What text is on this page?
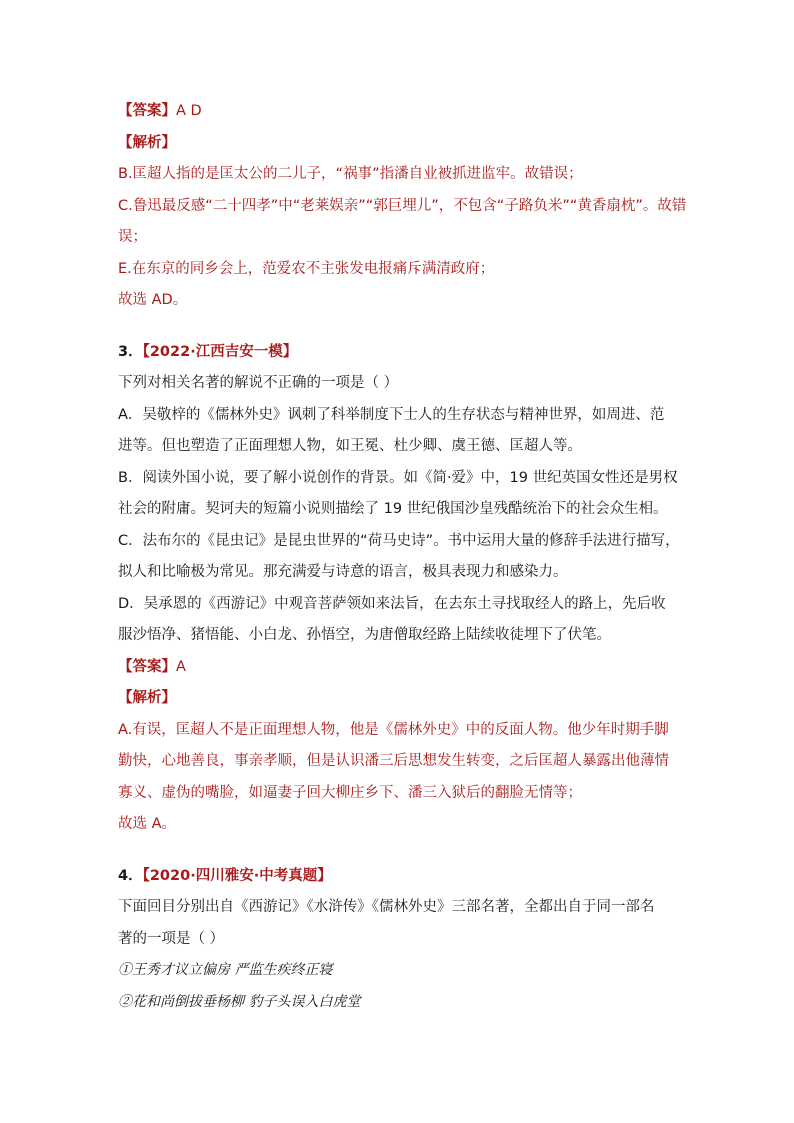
【答案】A D

【解析】

B.匡超人指的是匡太公的二儿子，“祸事”指潘自业被抓进监牢。故错误；

C.鲁迅最反感“二十四孝”中“老莱娱亲”“郭巨埋儿”，不包含“子路负米”“黄香扇枕”。故错

误；

E.在东京的同乡会上，范爱农不主张发电报痛斥满清政府；

故选 AD。

3．【2022·江西吉安一模】

下列对相关名著的解说不正确的一项是（ ）

A．吴敬梓的《儒林外史》讽刺了科举制度下士人的生存状态与精神世界，如周进、范

进等。但也塑造了正面理想人物，如王冕、杜少卿、虞王德、匡超人等。

B．阅读外国小说，要了解小说创作的背景。如《简·爱》中，19 世纪英国女性还是男权

社会的附庸。契诃夫的短篇小说则描绘了 19 世纪俄国沙皇残酷统治下的社会众生相。

C．法布尔的《昆虫记》是昆虫世界的“荷马史诗”。书中运用大量的修辞手法进行描写，

拟人和比喻极为常见。那充满爱与诗意的语言，极具表现力和感染力。

D．吴承恩的《西游记》中观音菩萨领如来法旨，在去东土寻找取经人的路上，先后收

服沙悟净、猪悟能、小白龙、孙悟空，为唐僧取经路上陆续收徒埋下了伏笔。

【答案】A

【解析】

A.有误，匡超人不是正面理想人物，他是《儒林外史》中的反面人物。他少年时期手脚

勤快，心地善良，事亲孝顺，但是认识潘三后思想发生转变，之后匡超人暴露出他薄情

寡义、虚伪的嘴脸，如逼妻子回大柳庄乡下、潘三入狱后的翻脸无情等；

故选 A。

4．【2020·四川雅安·中考真题】

下面回目分别出自《西游记》《水浒传》《儒林外史》三部名著，全都出自于同一部名

著的一项是（ ）

①王秀才议立偏房 严监生疾终正寝

②花和尚倒拔垂杨柳 豹子头误入白虎堂
